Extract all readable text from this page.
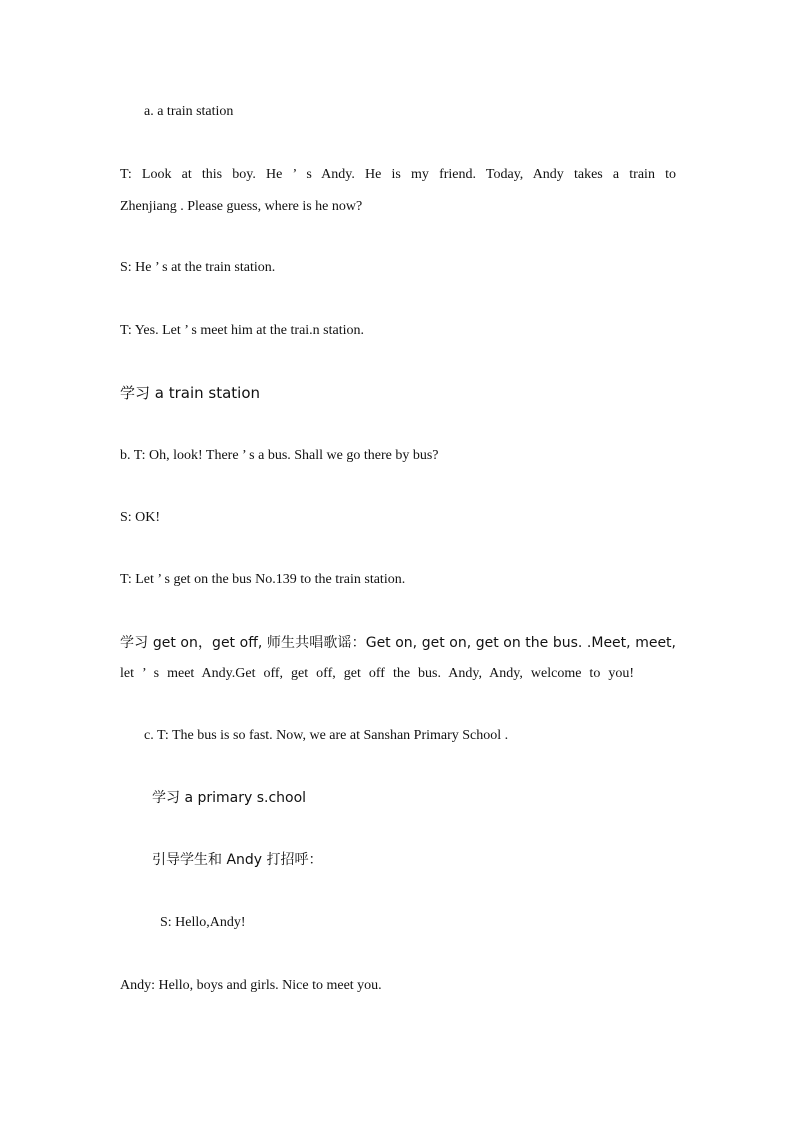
a. a train station
T: Look at this boy. He ’ s Andy. He is my friend. Today, Andy takes a train to
Zhenjiang . Please guess, where is he now?
S: He ’ s at the train station.
T: Yes. Let ’ s meet him at the trai.n station.
学习 a train station
b. T: Oh, look! There ’ s a bus. Shall we go there by bus?
S: OK!
T: Let ’ s get on the bus No.139 to the train station.
学习 get on，get off, 师生共唱歌谣：Get on, get on, get on the bus. .Meet, meet,
let ’ s meet Andy.Get off, get off, get off the bus. Andy, Andy, welcome to you!
c. T: The bus is so fast. Now, we are at Sanshan Primary School .
学习 a primary s.chool
引导学生和 Andy 打招呼：
S: Hello,Andy!
Andy: Hello, boys and girls. Nice to meet you.
